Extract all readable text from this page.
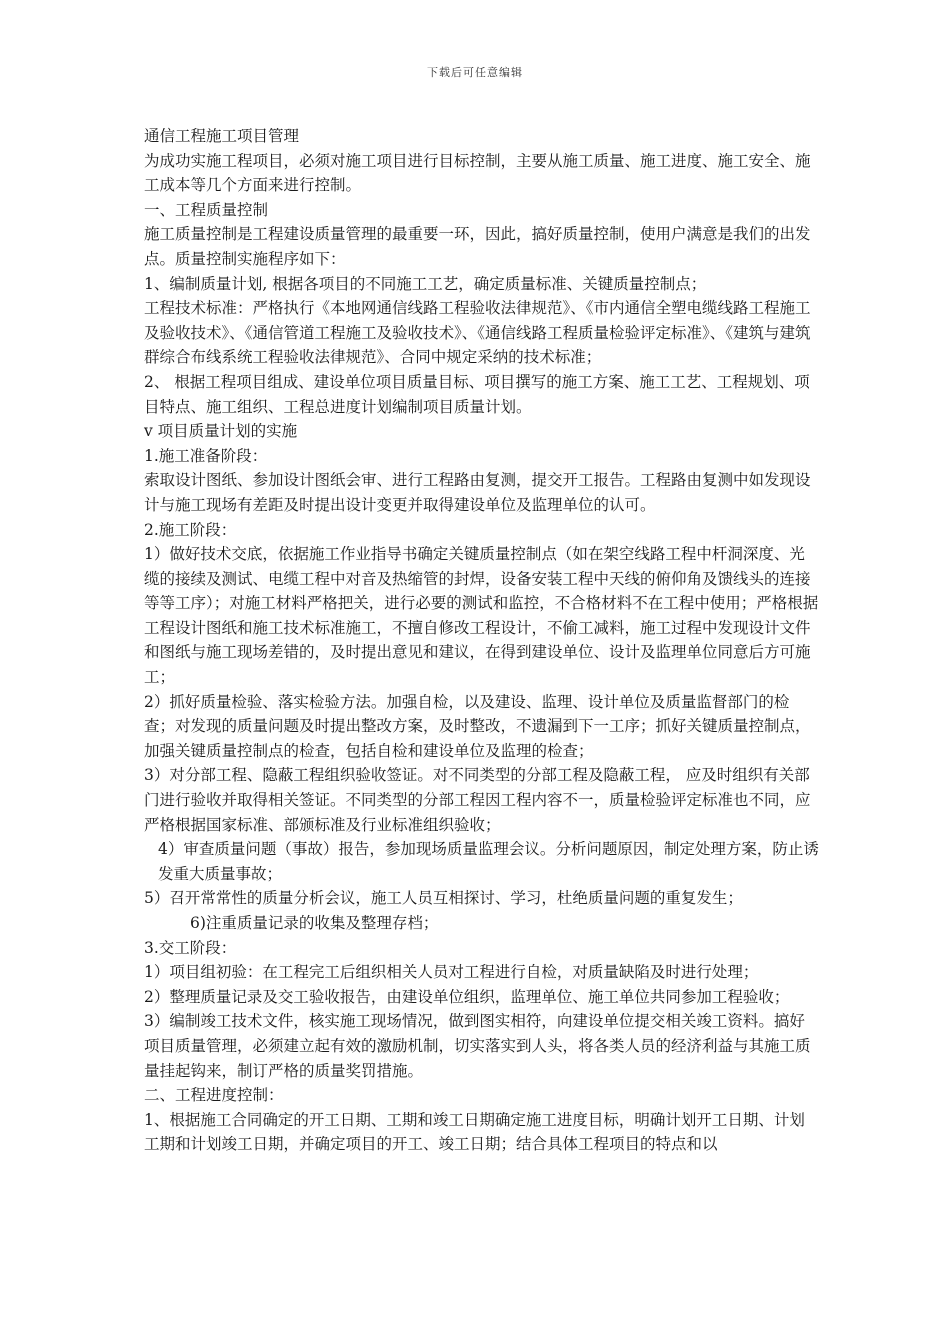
下载后可任意编辑

通信工程施工项目管理

为成功实施工程项目，必须对施工项目进行目标控制，主要从施工质量、施工进度、施工安全、施工成本等几个方面来进行控制。

一、工程质量控制

施工质量控制是工程建设质量管理的最重要一环，因此，搞好质量控制，使用户满意是我们的出发点。质量控制实施程序如下：

1、编制质量计划, 根据各项目的不同施工工艺，确定质量标准、关键质量控制点；

工程技术标准：严格执行《本地网通信线路工程验收法律规范》、《市内通信全塑电缆线路工程施工及验收技术》、《通信管道工程施工及验收技术》、《通信线路工程质量检验评定标准》、《建筑与建筑群综合布线系统工程验收法律规范》、合同中规定采纳的技术标准；

2、 根据工程项目组成、建设单位项目质量目标、项目撰写的施工方案、施工工艺、工程规划、项目特点、施工组织、工程总进度计划编制项目质量计划。

v 项目质量计划的实施

1.施工准备阶段：

索取设计图纸、参加设计图纸会审、进行工程路由复测，提交开工报告。工程路由复测中如发现设计与施工现场有差距及时提出设计变更并取得建设单位及监理单位的认可。

2.施工阶段：

1）做好技术交底，依据施工作业指导书确定关键质量控制点（如在架空线路工程中杆洞深度、光缆的接续及测试、电缆工程中对音及热缩管的封焊，设备安装工程中天线的俯仰角及馈线头的连接等等工序）；对施工材料严格把关，进行必要的测试和监控，不合格材料不在工程中使用；严格根据工程设计图纸和施工技术标准施工，不擅自修改工程设计，不偷工减料，施工过程中发现设计文件和图纸与施工现场差错的，及时提出意见和建议，在得到建设单位、设计及监理单位同意后方可施工；

2）抓好质量检验、落实检验方法。加强自检，以及建设、监理、设计单位及质量监督部门的检查；对发现的质量问题及时提出整改方案，及时整改，不遗漏到下一工序；抓好关键质量控制点，加强关键质量控制点的检查，包括自检和建设单位及监理的检查；

3）对分部工程、隐蔽工程组织验收签证。对不同类型的分部工程及隐蔽工程， 应及时组织有关部门进行验收并取得相关签证。不同类型的分部工程因工程内容不一，质量检验评定标准也不同，应严格根据国家标准、部颁标准及行业标准组织验收；

4）审查质量问题（事故）报告，参加现场质量监理会议。分析问题原因，制定处理方案，防止诱发重大质量事故；

5）召开常常性的质量分析会议，施工人员互相探讨、学习，杜绝质量问题的重复发生；

6)注重质量记录的收集及整理存档；

3.交工阶段：

1）项目组初验：在工程完工后组织相关人员对工程进行自检，对质量缺陷及时进行处理；

2）整理质量记录及交工验收报告，由建设单位组织，监理单位、施工单位共同参加工程验收；

3）编制竣工技术文件，核实施工现场情况，做到图实相符，向建设单位提交相关竣工资料。搞好项目质量管理，必须建立起有效的激励机制，切实落实到人头，将各类人员的经济利益与其施工质量挂起钩来，制订严格的质量奖罚措施。

二、工程进度控制：

1、根据施工合同确定的开工日期、工期和竣工日期确定施工进度目标，明确计划开工日期、计划工期和计划竣工日期，并确定项目的开工、竣工日期；结合具体工程项目的特点和以
